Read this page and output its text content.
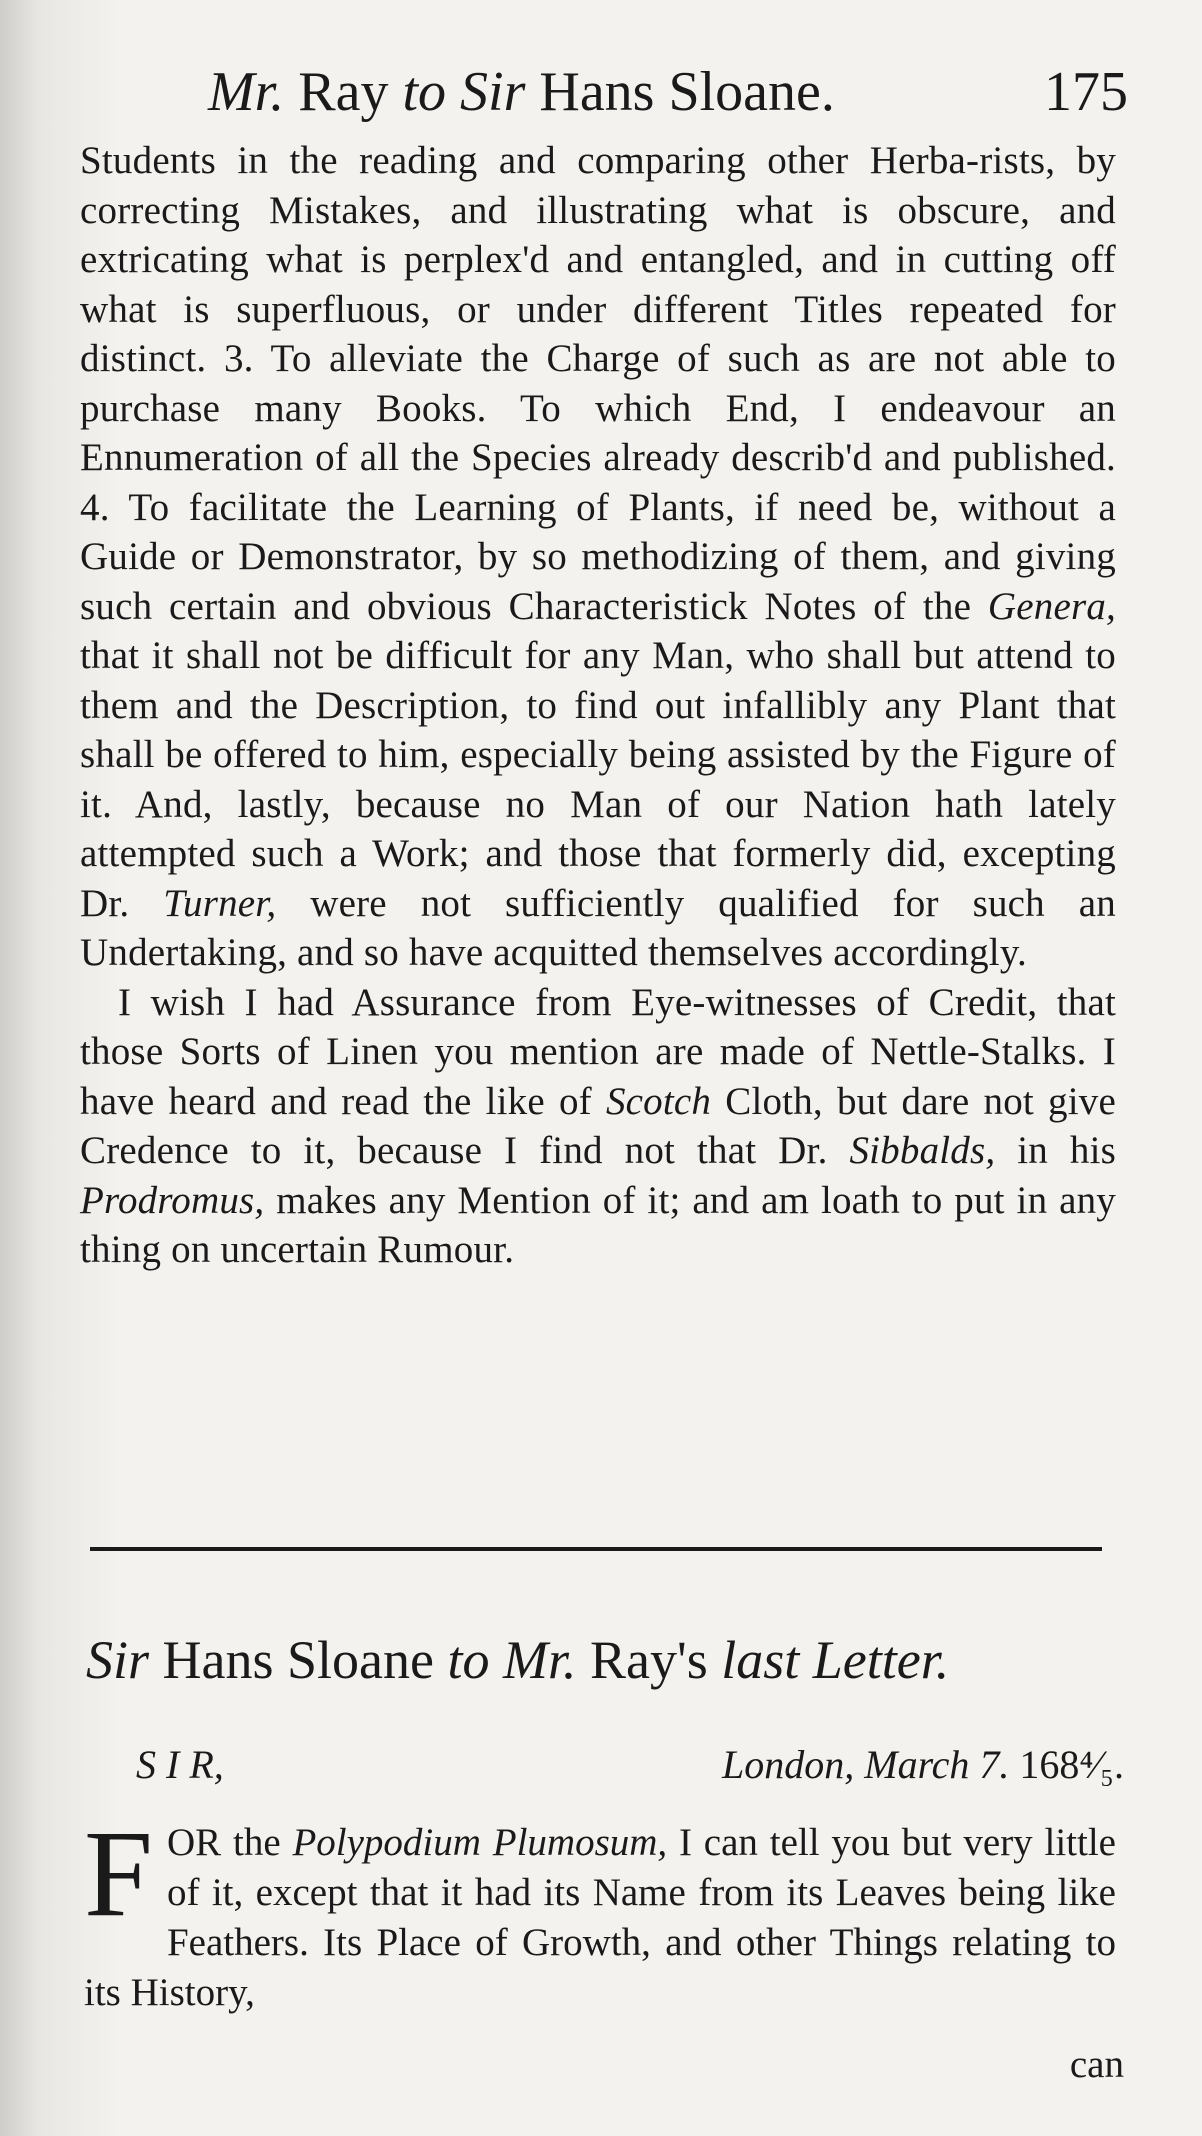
Mr. Ray to Sir Hans Sloane.	175

Students in the reading and comparing other Herba-rists, by correcting Mistakes, and illustrating what is obscure, and extricating what is perplex'd and entangled, and in cutting off what is superfluous, or under different Titles repeated for distinct. 3. To alleviate the Charge of such as are not able to purchase many Books. To which End, I endeavour an Ennumeration of all the Species already describ'd and published. 4. To facilitate the Learning of Plants, if need be, without a Guide or Demonstrator, by so methodizing of them, and giving such certain and obvious Characteristick Notes of the Genera, that it shall not be difficult for any Man, who shall but attend to them and the Description, to find out infallibly any Plant that shall be offered to him, especially being assisted by the Figure of it. And, lastly, because no Man of our Nation hath lately attempted such a Work; and those that formerly did, excepting Dr. Turner, were not sufficiently qualified for such an Undertaking, and so have acquitted themselves accordingly.

I wish I had Assurance from Eye-witnesses of Credit, that those Sorts of Linen you mention are made of Nettle-Stalks. I have heard and read the like of Scotch Cloth, but dare not give Credence to it, because I find not that Dr. Sibbalds, in his Prodromus, makes any Mention of it; and am loath to put in any thing on uncertain Rumour.

Sir Hans Sloane to Mr. Ray's last Letter.
S I R,	London, March 7. 168⁴⁄₅.

FOR the Polypodium Plumosum, I can tell you but very little of it, except that it had its Name from its Leaves being like Feathers. Its Place of Growth, and other Things relating to its History,

can
